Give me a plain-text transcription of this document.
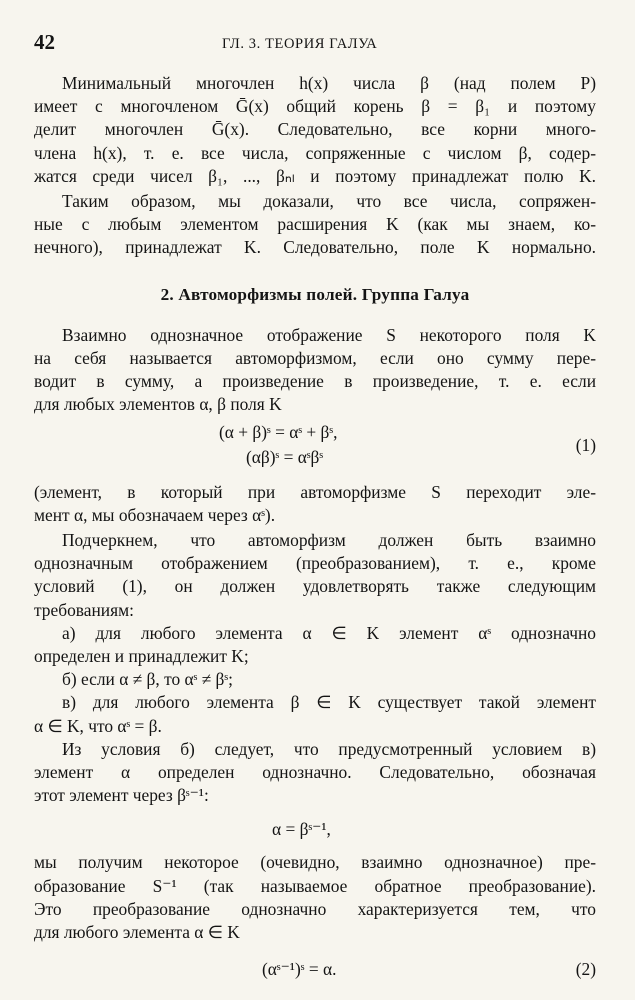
42	ГЛ. 3. ТЕОРИЯ ГАЛУА

Минимальный многочлен h(x) числа β (над полем P)
имеет с многочленом Ḡ(x) общий корень β = β₁ и поэтому
делит многочлен Ḡ(x). Следовательно, все корни много-
члена h(x), т. е. все числа, сопряженные с числом β, содер-
жатся среди чисел β₁, ..., βₙₗ и поэтому принадлежат полю K.

Таким образом, мы доказали, что все числа, сопряжен-
ные с любым элементом расширения K (как мы знаем, ко-
нечного), принадлежат K. Следовательно, поле K нормально.

2. Автоморфизмы полей. Группа Галуа

Взаимно однозначное отображение S некоторого поля K
на себя называется автоморфизмом, если оно сумму пере-
водит в сумму, а произведение в произведение, т. е. если
для любых элементов α, β поля K

(α + β)ˢ = αˢ + βˢ,
(αβ)ˢ = αˢβˢ
(1)

(элемент, в который при автоморфизме S переходит эле-
мент α, мы обозначаем через αˢ).

Подчеркнем, что автоморфизм должен быть взаимно
однозначным отображением (преобразованием), т. е., кроме
условий (1), он должен удовлетворять также следующим
требованиям:

а) для любого элемента α ∈ K элемент αˢ однозначно
определен и принадлежит K;

б) если α ≠ β, то αˢ ≠ βˢ;

в) для любого элемента β ∈ K существует такой элемент
α ∈ K, что αˢ = β.

Из условия б) следует, что предусмотренный условием в)
элемент α определен однозначно. Следовательно, обозначая
этот элемент через βˢ⁻¹:

α = βˢ⁻¹,

мы получим некоторое (очевидно, взаимно однозначное) пре-
образование S⁻¹ (так называемое обратное преобразование).
Это преобразование однозначно характеризуется тем, что
для любого элемента α ∈ K

(αˢ⁻¹)ˢ = α.	(2)
